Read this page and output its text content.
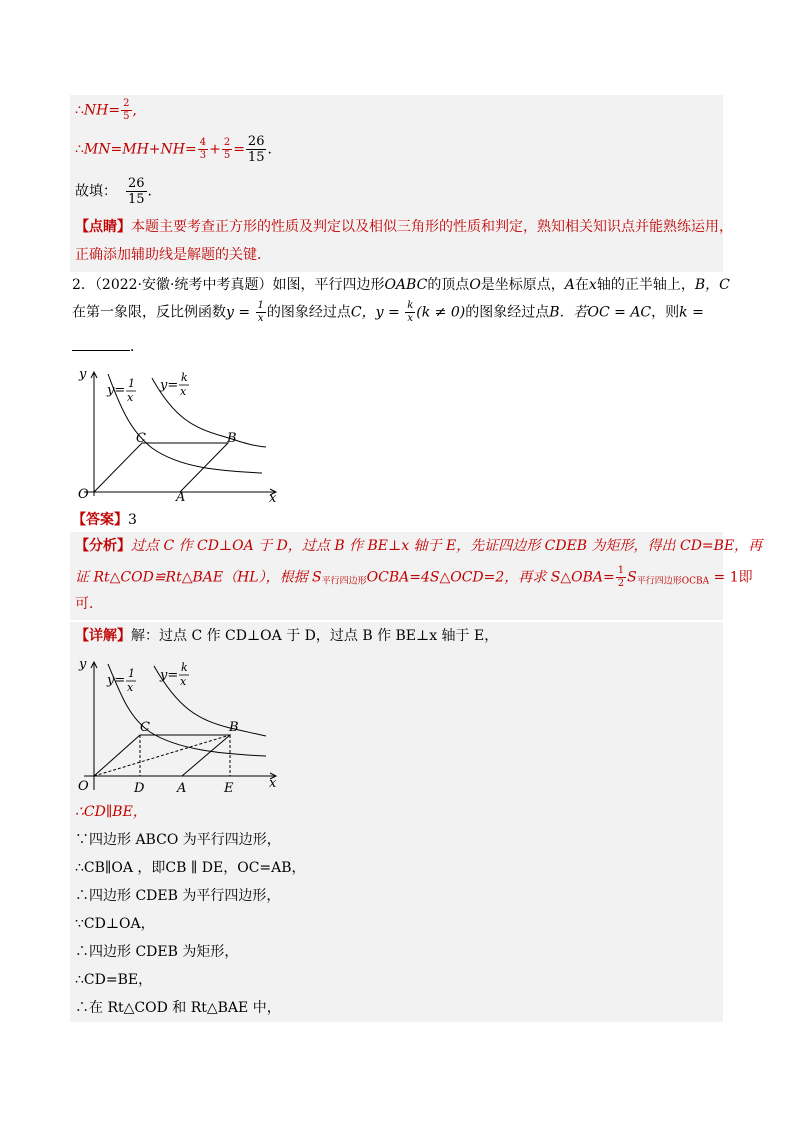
∴NH= $\frac{2}{5}$ ,
∴MN=MH+NH= $\frac{4}{3} + \frac{2}{5} = \frac{26}{15}$ .
故填： $\frac{26}{15}$ .
【点睛】本题主要考查正方形的性质及判定以及相似三角形的性质和判定，熟知相关知识点并能熟练运用，
正确添加辅助线是解题的关键．
2．（2022·安徽·统考中考真题）如图，平行四边形OABC的顶点O是坐标原点，A在x轴的正半轴上，B，C
在第一象限，反比例函数$y = \frac{1}{x}$ 的图象经过点C，$y = \frac{k}{x} (k \ne 0)$的图象经过点B．若OC = AC，则k =
．
y
x
O	A
C	B
y= 1
x
y=
k
x
【答案】3
【分析】过点 C 作 CD⊥OA 于 D，过点 B 作 BE⊥x 轴于 E，先证四边形 CDEB 为矩形，得出 CD=BE，再
证 Rt△COD≌Rt△BAE（HL），根据 $S_{平行四边形}OCBA=4S\triangle OCD=2$，再求 S△OBA= $\frac{1}{2} S_{平行四边形OCBA} = 1$即
可．
【详解】解：过点 C 作 CD⊥OA 于 D，过点 B 作 BE⊥x 轴于 E，
y
x
O	D	A	E
C	B
y= 1
x
y=
k
x
∴CD∥BE，
∵四边形 ABCO 为平行四边形，
∴CB∥OA ，即CB ∥ DE，OC=AB，
∴四边形 CDEB 为平行四边形，
∵CD⊥OA，
∴四边形 CDEB 为矩形，
∴CD=BE，
∴在 Rt△COD 和 Rt△BAE 中，
